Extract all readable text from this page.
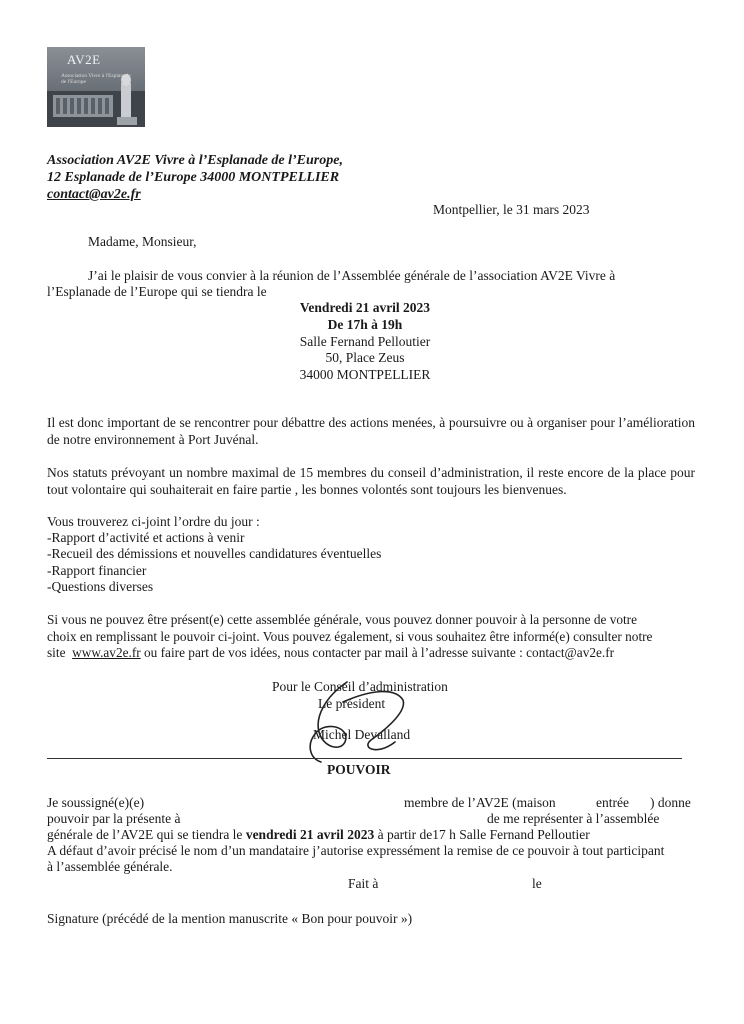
AV2E
Association Vivre à l'Esplanade de l'Europe
Association AV2E Vivre à l’Esplanade de l’Europe,
12 Esplanade de l’Europe 34000 MONTPELLIER
contact@av2e.fr
Montpellier, le 31 mars 2023
Madame, Monsieur,
J’ai le plaisir de vous convier à la réunion de l’Assemblée générale de l’association AV2E Vivre à
l’Esplanade de l’Europe qui se tiendra le
Vendredi 21 avril 2023
De 17h à 19h
Salle Fernand Pelloutier
50, Place Zeus
34000 MONTPELLIER
Il est donc important de se rencontrer pour débattre des actions menées, à poursuivre ou à organiser pour l’amélioration de notre environnement à Port Juvénal.
Nos statuts prévoyant un nombre maximal de 15 membres du conseil d’administration, il reste encore de la place pour tout volontaire qui souhaiterait en faire partie , les bonnes volontés sont toujours les bienvenues.
Vous trouverez ci-joint l’ordre du jour :
-Rapport d’activité et actions à venir
-Recueil des démissions et nouvelles candidatures éventuelles
-Rapport financier
-Questions diverses
Si vous ne pouvez être présent(e) cette assemblée générale, vous pouvez donner pouvoir à la personne de votre
choix en remplissant le pouvoir ci-joint. Vous pouvez également, si vous souhaitez être informé(e) consulter notre
site www.av2e.fr ou faire part de vos idées, nous contacter par mail à l’adresse suivante : contact@av2e.fr
Pour le Conseil d’administration
Le président
Michel Devalland
POUVOIR
Je soussigné(e)(e)	membre de l’AV2E (maison	entrée ) donne
pouvoir par la présente à	de me représenter à l’assemblée
générale de l’AV2E qui se tiendra le vendredi 21 avril 2023 à partir de17 h Salle Fernand Pelloutier
A défaut d’avoir précisé le nom d’un mandataire j’autorise expressément la remise de ce pouvoir à tout participant
à l’assemblée générale.
Fait à	le
Signature (précédé de la mention manuscrite « Bon pour pouvoir »)
